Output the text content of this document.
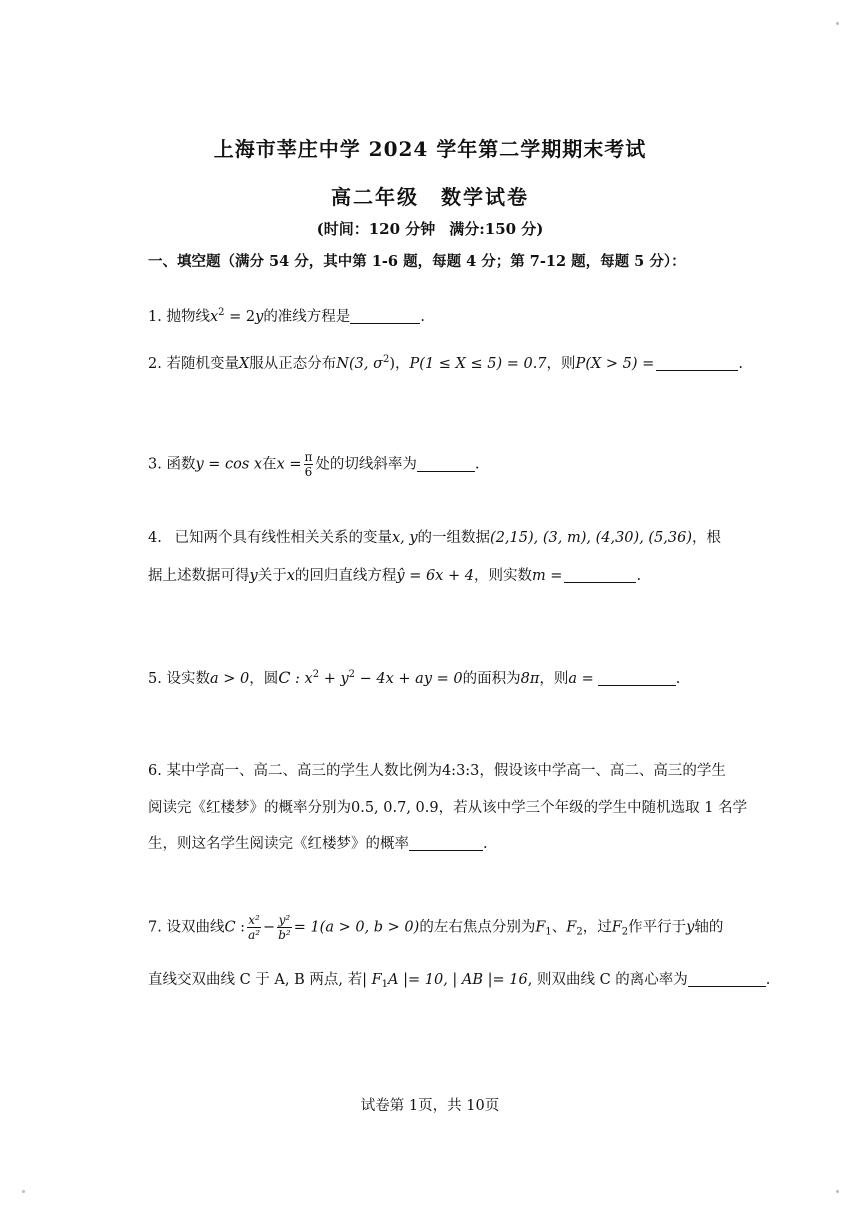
上海市莘庄中学 2024 学年第二学期期末考试
高二年级 数学试卷
(时间：120 分钟 满分:150 分)
一、填空题（满分 54 分，其中第 1-6 题，每题 4 分；第 7-12 题，每题 5 分）：
1. 抛物线$x^2 = 2y$的准线方程是	.
2. 若随机变量X服从正态分布N(3, $\sigma^2$)，P(1 ≤ X ≤ 5) = 0.7，则P(X > 5) =	.
3. 函数y = cos x在$x = \frac{\pi}{6}$ 处的切线斜率为	.
4. 已知两个具有线性相关关系的变量x, y的一组数据(2,15), (3, m), (4,30), (5,36)，根
据上述数据可得y关于x的回归直线方程ŷ = 6x + 4，则实数m =	.
5. 设实数a > 0，圆C : $x^2 + y^2 - 4x$ + ay = 0的面积为8π，则a =	.
6. 某中学高一、高二、高三的学生人数比例为4:3:3，假设该中学高一、高二、高三的学生
阅读完《红楼梦》的概率分别为0.5, 0.7, 0.9，若从该中学三个年级的学生中随机选取 1 名学
生，则这名学生阅读完《红楼梦》的概率	.
7. 设双曲线C : $\frac{\text{x²}}{\text{a²}} - \frac{\text{y²}}{\text{b²}} = 1(a > 0$, b > 0)的左右焦点分别为$F_1$、$F_2$，过$F_2$作平行于y轴的
直线交双曲线 C 于 A, B 两点, 若| $F_1A$ |= 10, | AB |= 16, 则双曲线 C 的离心率为	.
试卷第 1页，共 10页
